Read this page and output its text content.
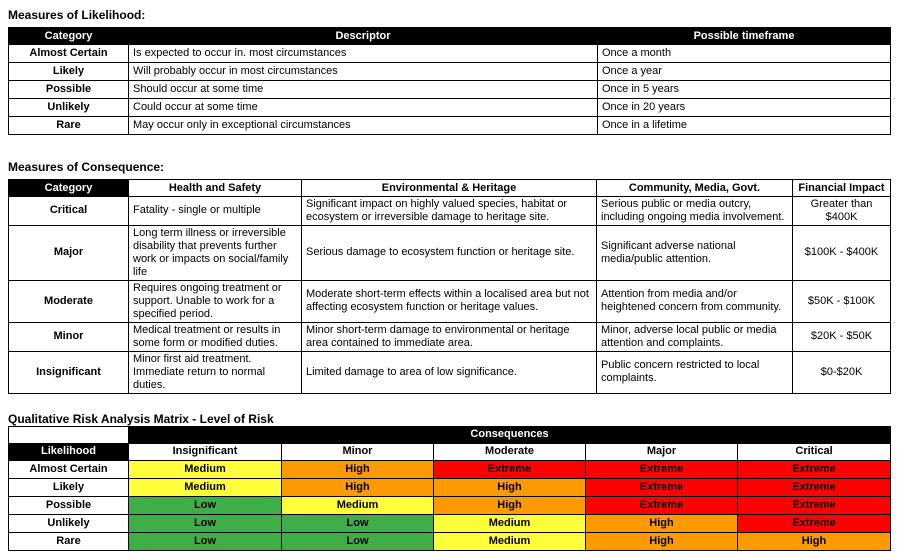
Measures of Likelihood:
Category	Descriptor	Possible timeframe
Almost Certain	Is expected to occur in. most circumstances	Once a month
Likely	Will probably occur in most circumstances	Once a year
Possible	Should occur at some time	Once in 5 years
Unlikely	Could occur at some time	Once in 20 years
Rare	May occur only in exceptional circumstances	Once in a lifetime
Measures of Consequence:
Category	Health and Safety	Environmental & Heritage	Community, Media, Govt.	Financial Impact
Critical	Fatality - single or multiple	Significant impact on highly valued species, habitat or ecosystem or irreversible damage to heritage site.	Serious public or media outcry, including ongoing media involvement.	Greater than $400K
Major	Long term illness or irreversible disability that prevents further work or impacts on social/family life	Serious damage to ecosystem function or heritage site.	Significant adverse national media/public attention.	$100K - $400K
Moderate	Requires ongoing treatment or support. Unable to work for a specified period.	Moderate short-term effects within a localised area but not affecting ecosystem function or heritage values.	Attention from media and/or heightened concern from community.	$50K - $100K
Minor	Medical treatment or results in some form or modified duties.	Minor short-term damage to environmental or heritage area contained to immediate area.	Minor, adverse local public or media attention and complaints.	$20K - $50K
Insignificant	Minor first aid treatment. Immediate return to normal duties.	Limited damage to area of low significance.	Public concern restricted to local complaints.	$0-$20K
Qualitative Risk Analysis Matrix - Level of Risk
	Consequences				
Likelihood	Insignificant	Minor	Moderate	Major	Critical
Almost Certain	Medium	High	Extreme	Extreme	Extreme
Likely	Medium	High	High	Extreme	Extreme
Possible	Low	Medium	High	Extreme	Extreme
Unlikely	Low	Low	Medium	High	Extreme
Rare	Low	Low	Medium	High	High
